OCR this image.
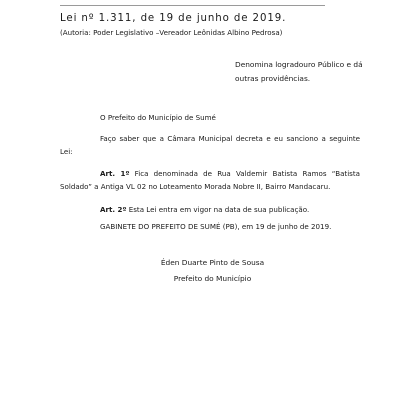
Lei nº 1.311, de 19 de junho de 2019.
(Autoria: Poder Legislativo –Vereador Leônidas Albino Pedrosa)
Denomina logradouro Público e dá outras providências.
O Prefeito do Município de Sumé
Faço saber que a Câmara Municipal decreta e eu sanciono a seguinte Lei:
Art. 1º Fica denominada de Rua Valdemir Batista Ramos “Batista Soldado” a Antiga VL 02 no Loteamento Morada Nobre II, Bairro Mandacaru.
Art. 2º Esta Lei entra em vigor na data de sua publicação.
GABINETE DO PREFEITO DE SUMÉ (PB), em 19 de junho de 2019.
Éden Duarte Pinto de Sousa
Prefeito do Município
